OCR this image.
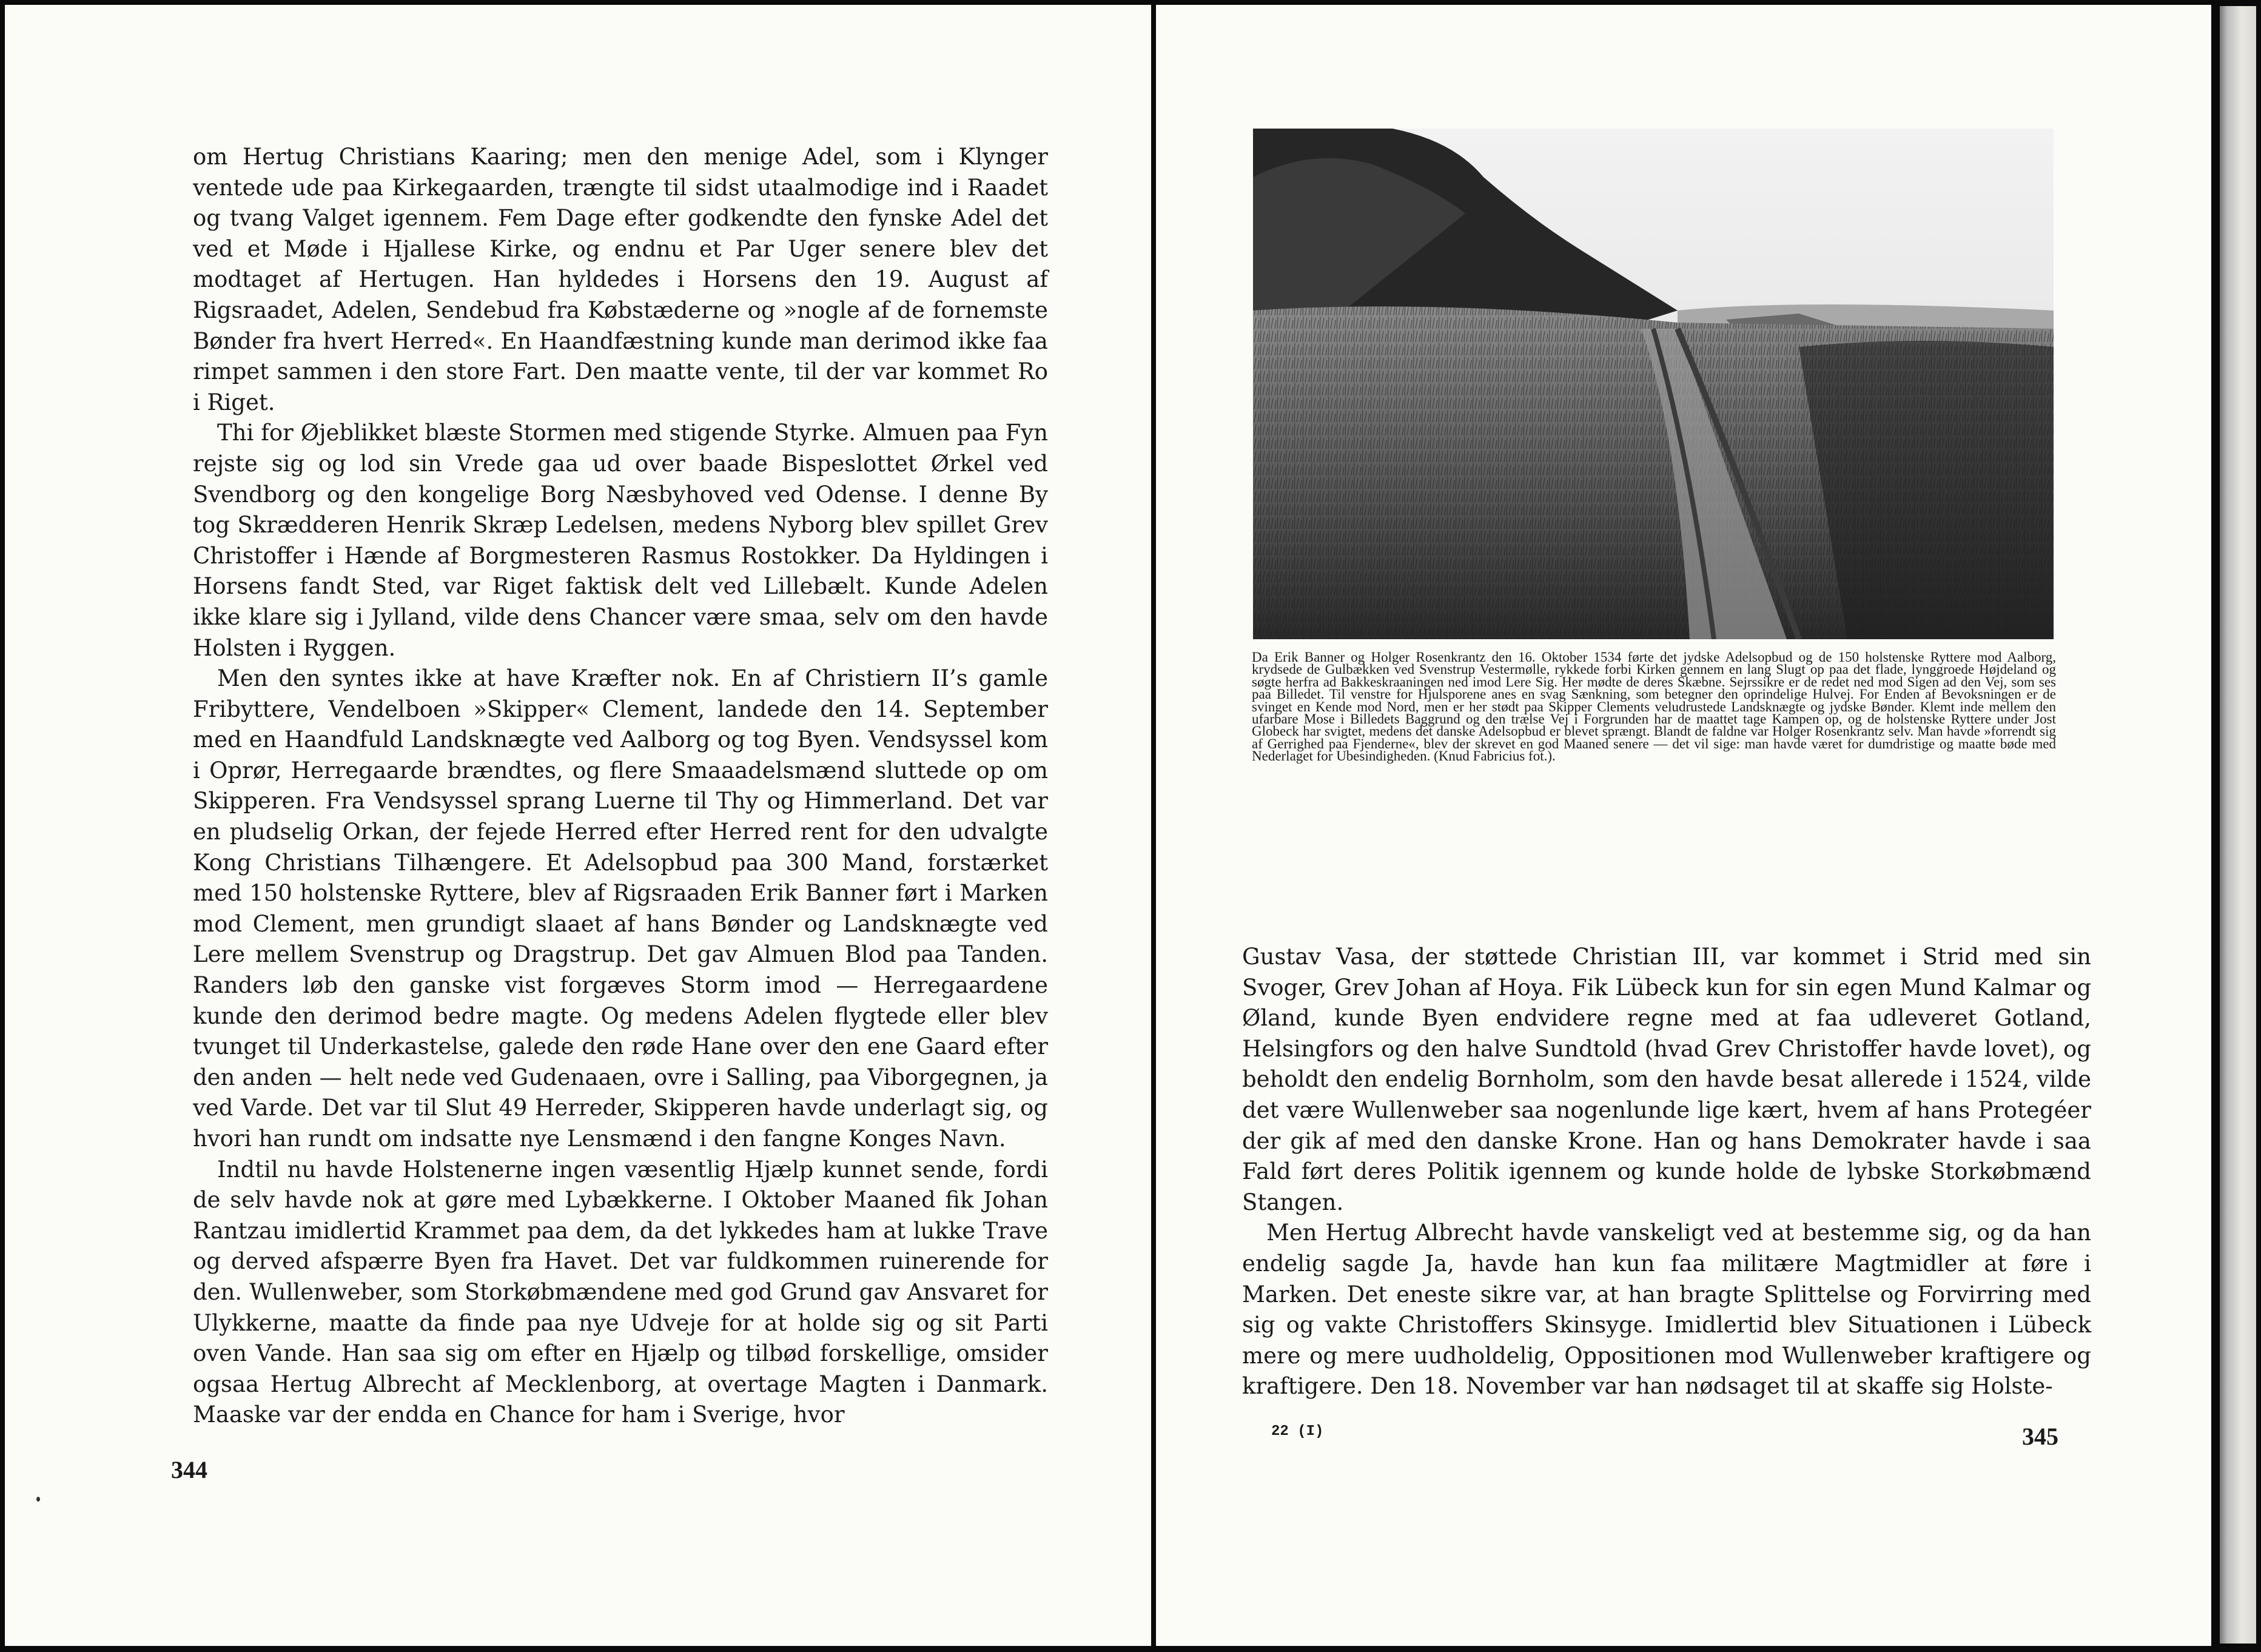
om Hertug Christians Kaaring; men den menige Adel, som i Klynger ventede ude paa Kirkegaarden, trængte til sidst utaalmodige ind i Raadet og tvang Valget igennem. Fem Dage efter godkendte den fynske Adel det ved et Møde i Hjallese Kirke, og endnu et Par Uger senere blev det modtaget af Hertugen. Han hyldedes i Horsens den 19. August af Rigsraadet, Adelen, Sendebud fra Købstæderne og »nogle af de fornemste Bønder fra hvert Herred«. En Haandfæstning kunde man derimod ikke faa rimpet sammen i den store Fart. Den maatte vente, til der var kommet Ro i Riget.

Thi for Øjeblikket blæste Stormen med stigende Styrke. Almuen paa Fyn rejste sig og lod sin Vrede gaa ud over baade Bispeslottet Ørkel ved Svendborg og den kongelige Borg Næsbyhoved ved Odense. I denne By tog Skrædderen Henrik Skræp Ledelsen, medens Nyborg blev spillet Grev Christoffer i Hænde af Borgmesteren Rasmus Rostokker. Da Hyldingen i Horsens fandt Sted, var Riget faktisk delt ved Lillebælt. Kunde Adelen ikke klare sig i Jylland, vilde dens Chancer være smaa, selv om den havde Holsten i Ryggen.

Men den syntes ikke at have Kræfter nok. En af Christiern II’s gamle Fribyttere, Vendelboen »Skipper« Clement, landede den 14. September med en Haandfuld Landsknægte ved Aalborg og tog Byen. Vendsyssel kom i Oprør, Herregaarde brændtes, og flere Smaaadelsmænd sluttede op om Skipperen. Fra Vendsyssel sprang Luerne til Thy og Himmerland. Det var en pludselig Orkan, der fejede Herred efter Herred rent for den udvalgte Kong Christians Tilhængere. Et Adelsopbud paa 300 Mand, forstærket med 150 holstenske Ryttere, blev af Rigsraaden Erik Banner ført i Marken mod Clement, men grundigt slaaet af hans Bønder og Landsknægte ved Lere mellem Svenstrup og Dragstrup. Det gav Almuen Blod paa Tanden. Randers løb den ganske vist forgæves Storm imod — Herregaardene kunde den derimod bedre magte. Og medens Adelen flygtede eller blev tvunget til Underkastelse, galede den røde Hane over den ene Gaard efter den anden — helt nede ved Gudenaaen, ovre i Salling, paa Viborgegnen, ja ved Varde. Det var til Slut 49 Herreder, Skipperen havde underlagt sig, og hvori han rundt om indsatte nye Lensmænd i den fangne Konges Navn.

Indtil nu havde Holstenerne ingen væsentlig Hjælp kunnet sende, fordi de selv havde nok at gøre med Lybækkerne. I Oktober Maaned fik Johan Rantzau imidlertid Krammet paa dem, da det lykkedes ham at lukke Trave og derved afspærre Byen fra Havet. Det var fuldkommen ruinerende for den. Wullenweber, som Storkøbmændene med god Grund gav Ansvaret for Ulykkerne, maatte da finde paa nye Udveje for at holde sig og sit Parti oven Vande. Han saa sig om efter en Hjælp og tilbød forskellige, omsider ogsaa Hertug Albrecht af Mecklenborg, at overtage Magten i Danmark. Maaske var der endda en Chance for ham i Sverige, hvor

344
Da Erik Banner og Holger Rosenkrantz den 16. Oktober 1534 førte det jydske Adelsopbud og de 150 holstenske Ryttere mod Aalborg, krydsede de Gulbækken ved Svenstrup Vestermølle, rykkede forbi Kirken gennem en lang Slugt op paa det flade, lynggroede Højdeland og søgte herfra ad Bakkeskraaningen ned imod Lere Sig. Her mødte de deres Skæbne. Sejrssikre er de redet ned mod Sigen ad den Vej, som ses paa Billedet. Til venstre for Hjulsporene anes en svag Sænkning, som betegner den oprindelige Hulvej. For Enden af Bevoksningen er de svinget en Kende mod Nord, men er her stødt paa Skipper Clements veludrustede Landsknægte og jydske Bønder. Klemt inde mellem den ufarbare Mose i Billedets Baggrund og den trælse Vej i Forgrunden har de maattet tage Kampen op, og de holstenske Ryttere under Jost Globeck har svigtet, medens det danske Adelsopbud er blevet sprængt. Blandt de faldne var Holger Rosenkrantz selv. Man havde »forrendt sig af Gerrighed paa Fjenderne«, blev der skrevet en god Maaned senere — det vil sige: man havde været for dumdristige og maatte bøde med Nederlaget for Ubesindigheden. (Knud Fabricius fot.).

Gustav Vasa, der støttede Christian III, var kommet i Strid med sin Svoger, Grev Johan af Hoya. Fik Lübeck kun for sin egen Mund Kalmar og Øland, kunde Byen endvidere regne med at faa udleveret Gotland, Helsingfors og den halve Sundtold (hvad Grev Christoffer havde lovet), og beholdt den endelig Bornholm, som den havde besat allerede i 1524, vilde det være Wullenweber saa nogenlunde lige kært, hvem af hans Protegéer der gik af med den danske Krone. Han og hans Demokrater havde i saa Fald ført deres Politik igennem og kunde holde de lybske Storkøbmænd Stangen.

Men Hertug Albrecht havde vanskeligt ved at bestemme sig, og da han endelig sagde Ja, havde han kun faa militære Magtmidler at føre i Marken. Det eneste sikre var, at han bragte Splittelse og Forvirring med sig og vakte Christoffers Skinsyge. Imidlertid blev Situationen i Lübeck mere og mere uudholdelig, Oppositionen mod Wullenweber kraftigere og kraftigere. Den 18. November var han nødsaget til at skaffe sig Holste-

22 (I)	345
